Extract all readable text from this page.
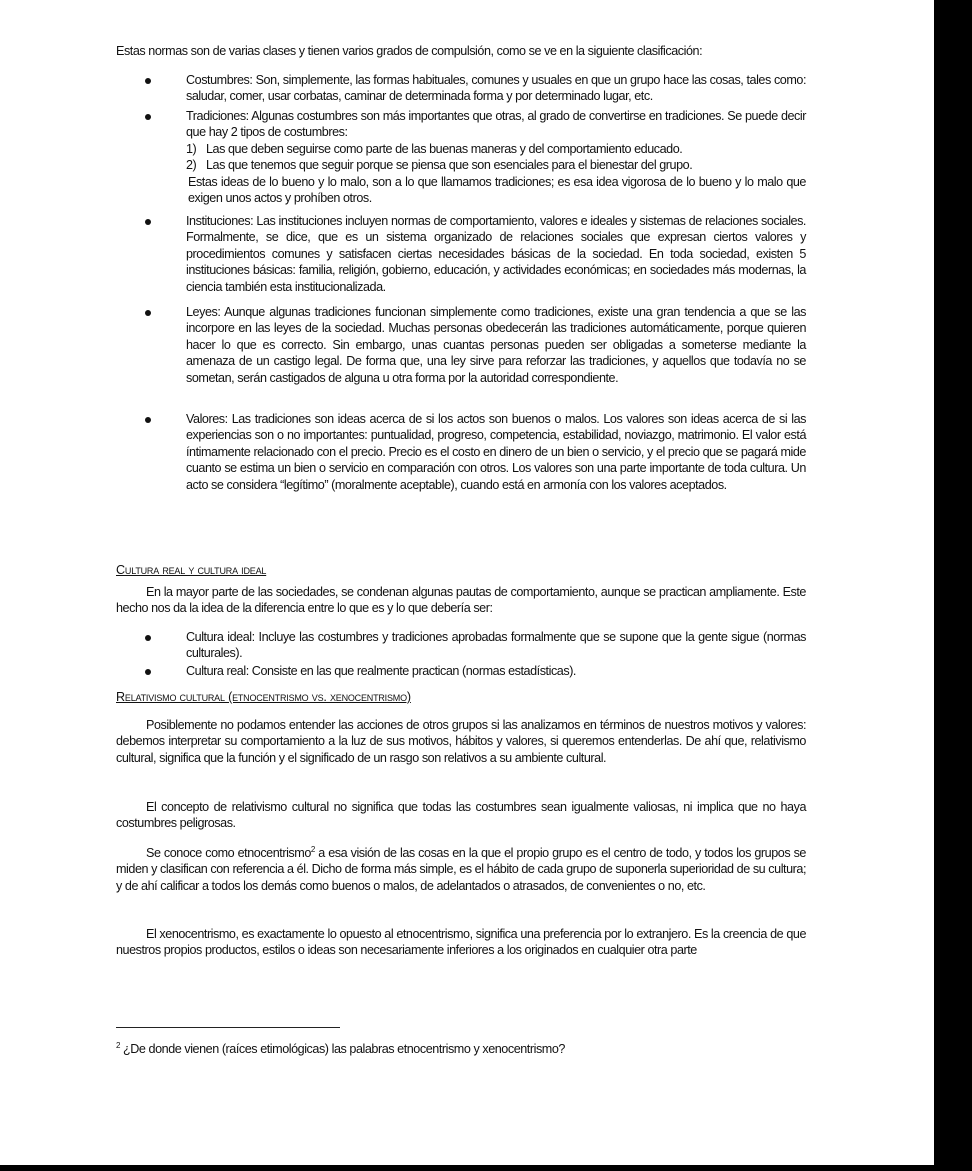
Estas normas son de varias clases y tienen varios grados de compulsión, como se ve en la siguiente clasificación:

Costumbres: Son, simplemente, las formas habituales, comunes y usuales en que un grupo hace las cosas, tales como: saludar, comer, usar corbatas, caminar de determinada forma y por determinado lugar, etc.

Tradiciones: Algunas costumbres son más importantes que otras, al grado de convertirse en tradiciones. Se puede decir que hay 2 tipos de costumbres:

1) Las que deben seguirse como parte de las buenas maneras y del comportamiento educado.

2) Las que tenemos que seguir porque se piensa que son esenciales para el bienestar del grupo.

Estas ideas de lo bueno y lo malo, son a lo que llamamos tradiciones; es esa idea vigorosa de lo bueno y lo malo que exigen unos actos y prohíben otros.

Instituciones: Las instituciones incluyen normas de comportamiento, valores e ideales y sistemas de relaciones sociales. Formalmente, se dice, que es un sistema organizado de relaciones sociales que expresan ciertos valores y procedimientos comunes y satisfacen ciertas necesidades básicas de la sociedad. En toda sociedad, existen 5 instituciones básicas: familia, religión, gobierno, educación, y actividades económicas; en sociedades más modernas, la ciencia también esta institucionalizada.

Leyes: Aunque algunas tradiciones funcionan simplemente como tradiciones, existe una gran tendencia a que se las incorpore en las leyes de la sociedad. Muchas personas obedecerán las tradiciones automáticamente, porque quieren hacer lo que es correcto. Sin embargo, unas cuantas personas pueden ser obligadas a someterse mediante la amenaza de un castigo legal. De forma que, una ley sirve para reforzar las tradiciones, y aquellos que todavía no se sometan, serán castigados de alguna u otra forma por la autoridad correspondiente.

Valores: Las tradiciones son ideas acerca de si los actos son buenos o malos. Los valores son ideas acerca de si las experiencias son o no importantes: puntualidad, progreso, competencia, estabilidad, noviazgo, matrimonio. El valor está íntimamente relacionado con el precio. Precio es el costo en dinero de un bien o servicio, y el precio que se pagará mide cuanto se estima un bien o servicio en comparación con otros. Los valores son una parte importante de toda cultura. Un acto se considera “legítimo” (moralmente aceptable), cuando está en armonía con los valores aceptados.

Cultura real y cultura ideal

En la mayor parte de las sociedades, se condenan algunas pautas de comportamiento, aunque se practican ampliamente. Este hecho nos da la idea de la diferencia entre lo que es y lo que debería ser:

Cultura ideal: Incluye las costumbres y tradiciones aprobadas formalmente que se supone que la gente sigue (normas culturales).

Cultura real: Consiste en las que realmente practican (normas estadísticas).

Relativismo cultural (etnocentrismo vs. xenocentrismo)

Posiblemente no podamos entender las acciones de otros grupos si las analizamos en términos de nuestros motivos y valores: debemos interpretar su comportamiento a la luz de sus motivos, hábitos y valores, si queremos entenderlas. De ahí que, relativismo cultural, significa que la función y el significado de un rasgo son relativos a su ambiente cultural.

El concepto de relativismo cultural no significa que todas las costumbres sean igualmente valiosas, ni implica que no haya costumbres peligrosas.

Se conoce como etnocentrismo$^2$ a esa visión de las cosas en la que el propio grupo es el centro de todo, y todos los grupos se miden y clasifican con referencia a él. Dicho de forma más simple, es el hábito de cada grupo de suponerla superioridad de su cultura; y de ahí calificar a todos los demás como buenos o malos, de adelantados o atrasados, de convenientes o no, etc.

El xenocentrismo, es exactamente lo opuesto al etnocentrismo, significa una preferencia por lo extranjero. Es la creencia de que nuestros propios productos, estilos o ideas son necesariamente inferiores a los originados en cualquier otra parte

$^2$ ¿De donde vienen (raíces etimológicas) las palabras etnocentrismo y xenocentrismo?
